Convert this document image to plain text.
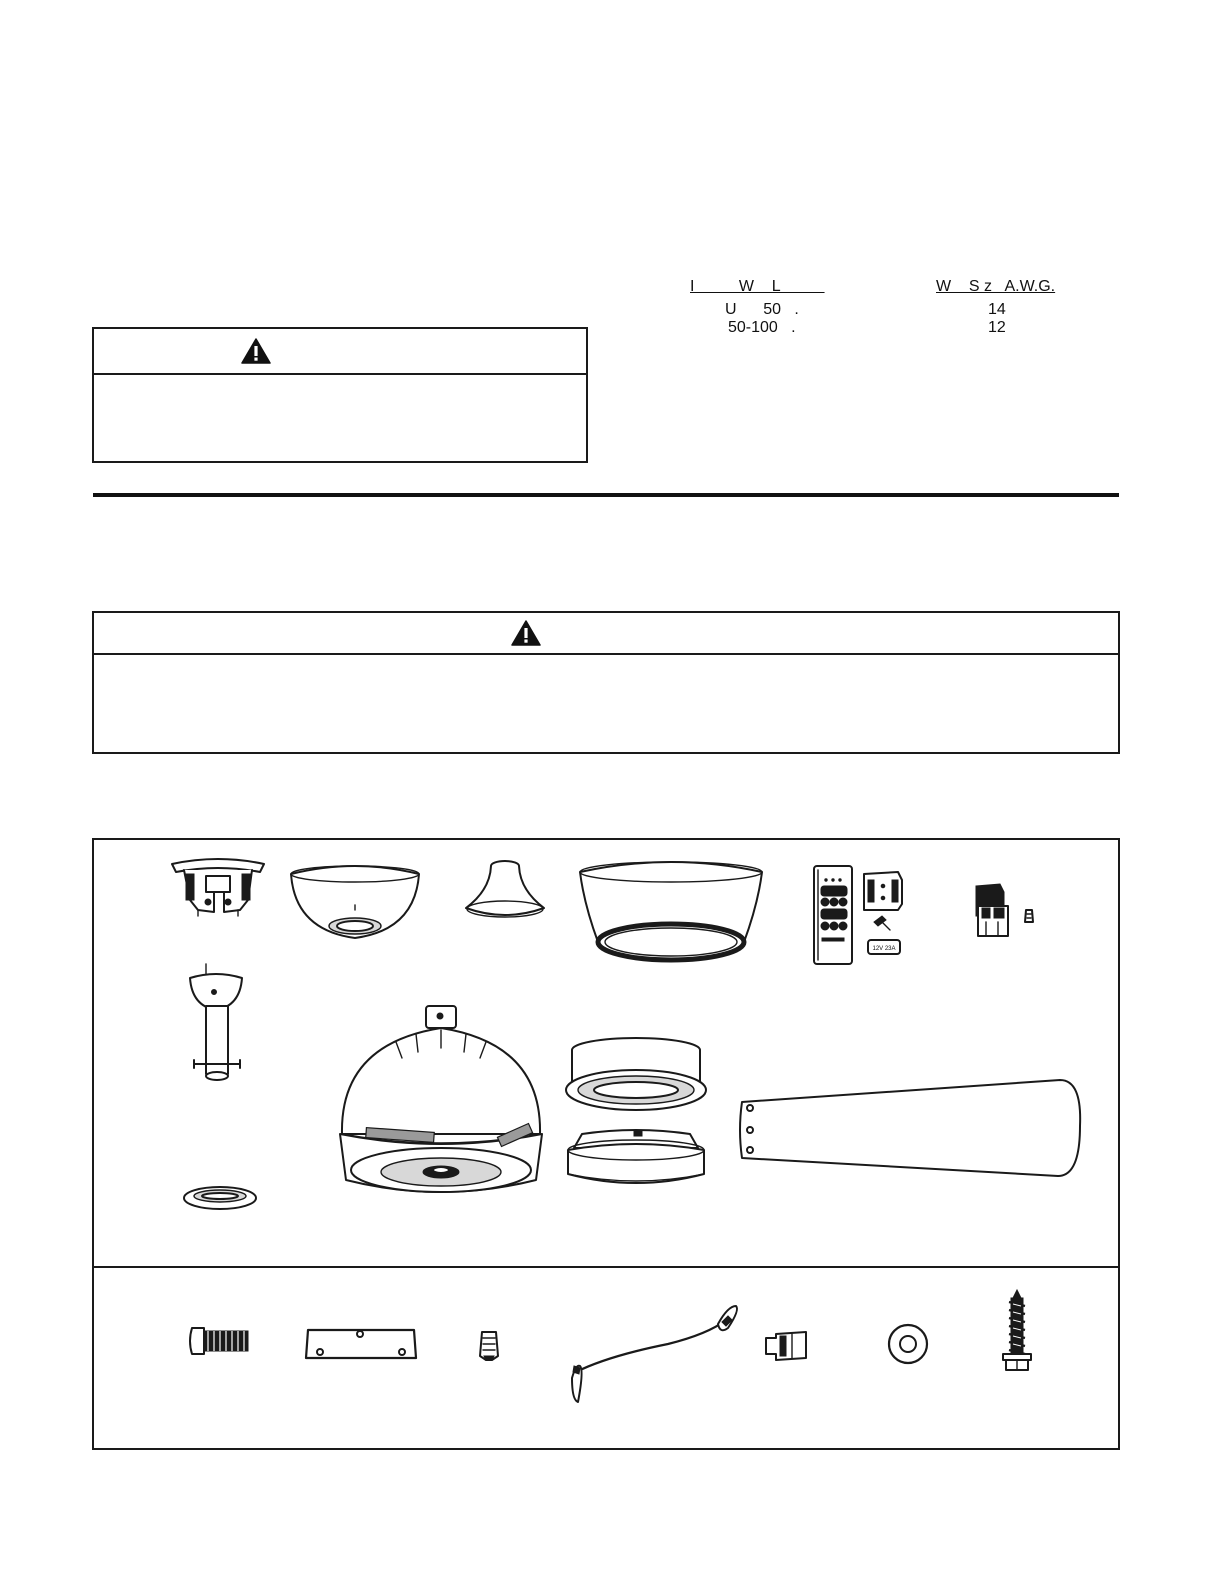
I          W    L	W    S z   A.W.G.
U      50   .	14
50-100   .	12
12V 23A
